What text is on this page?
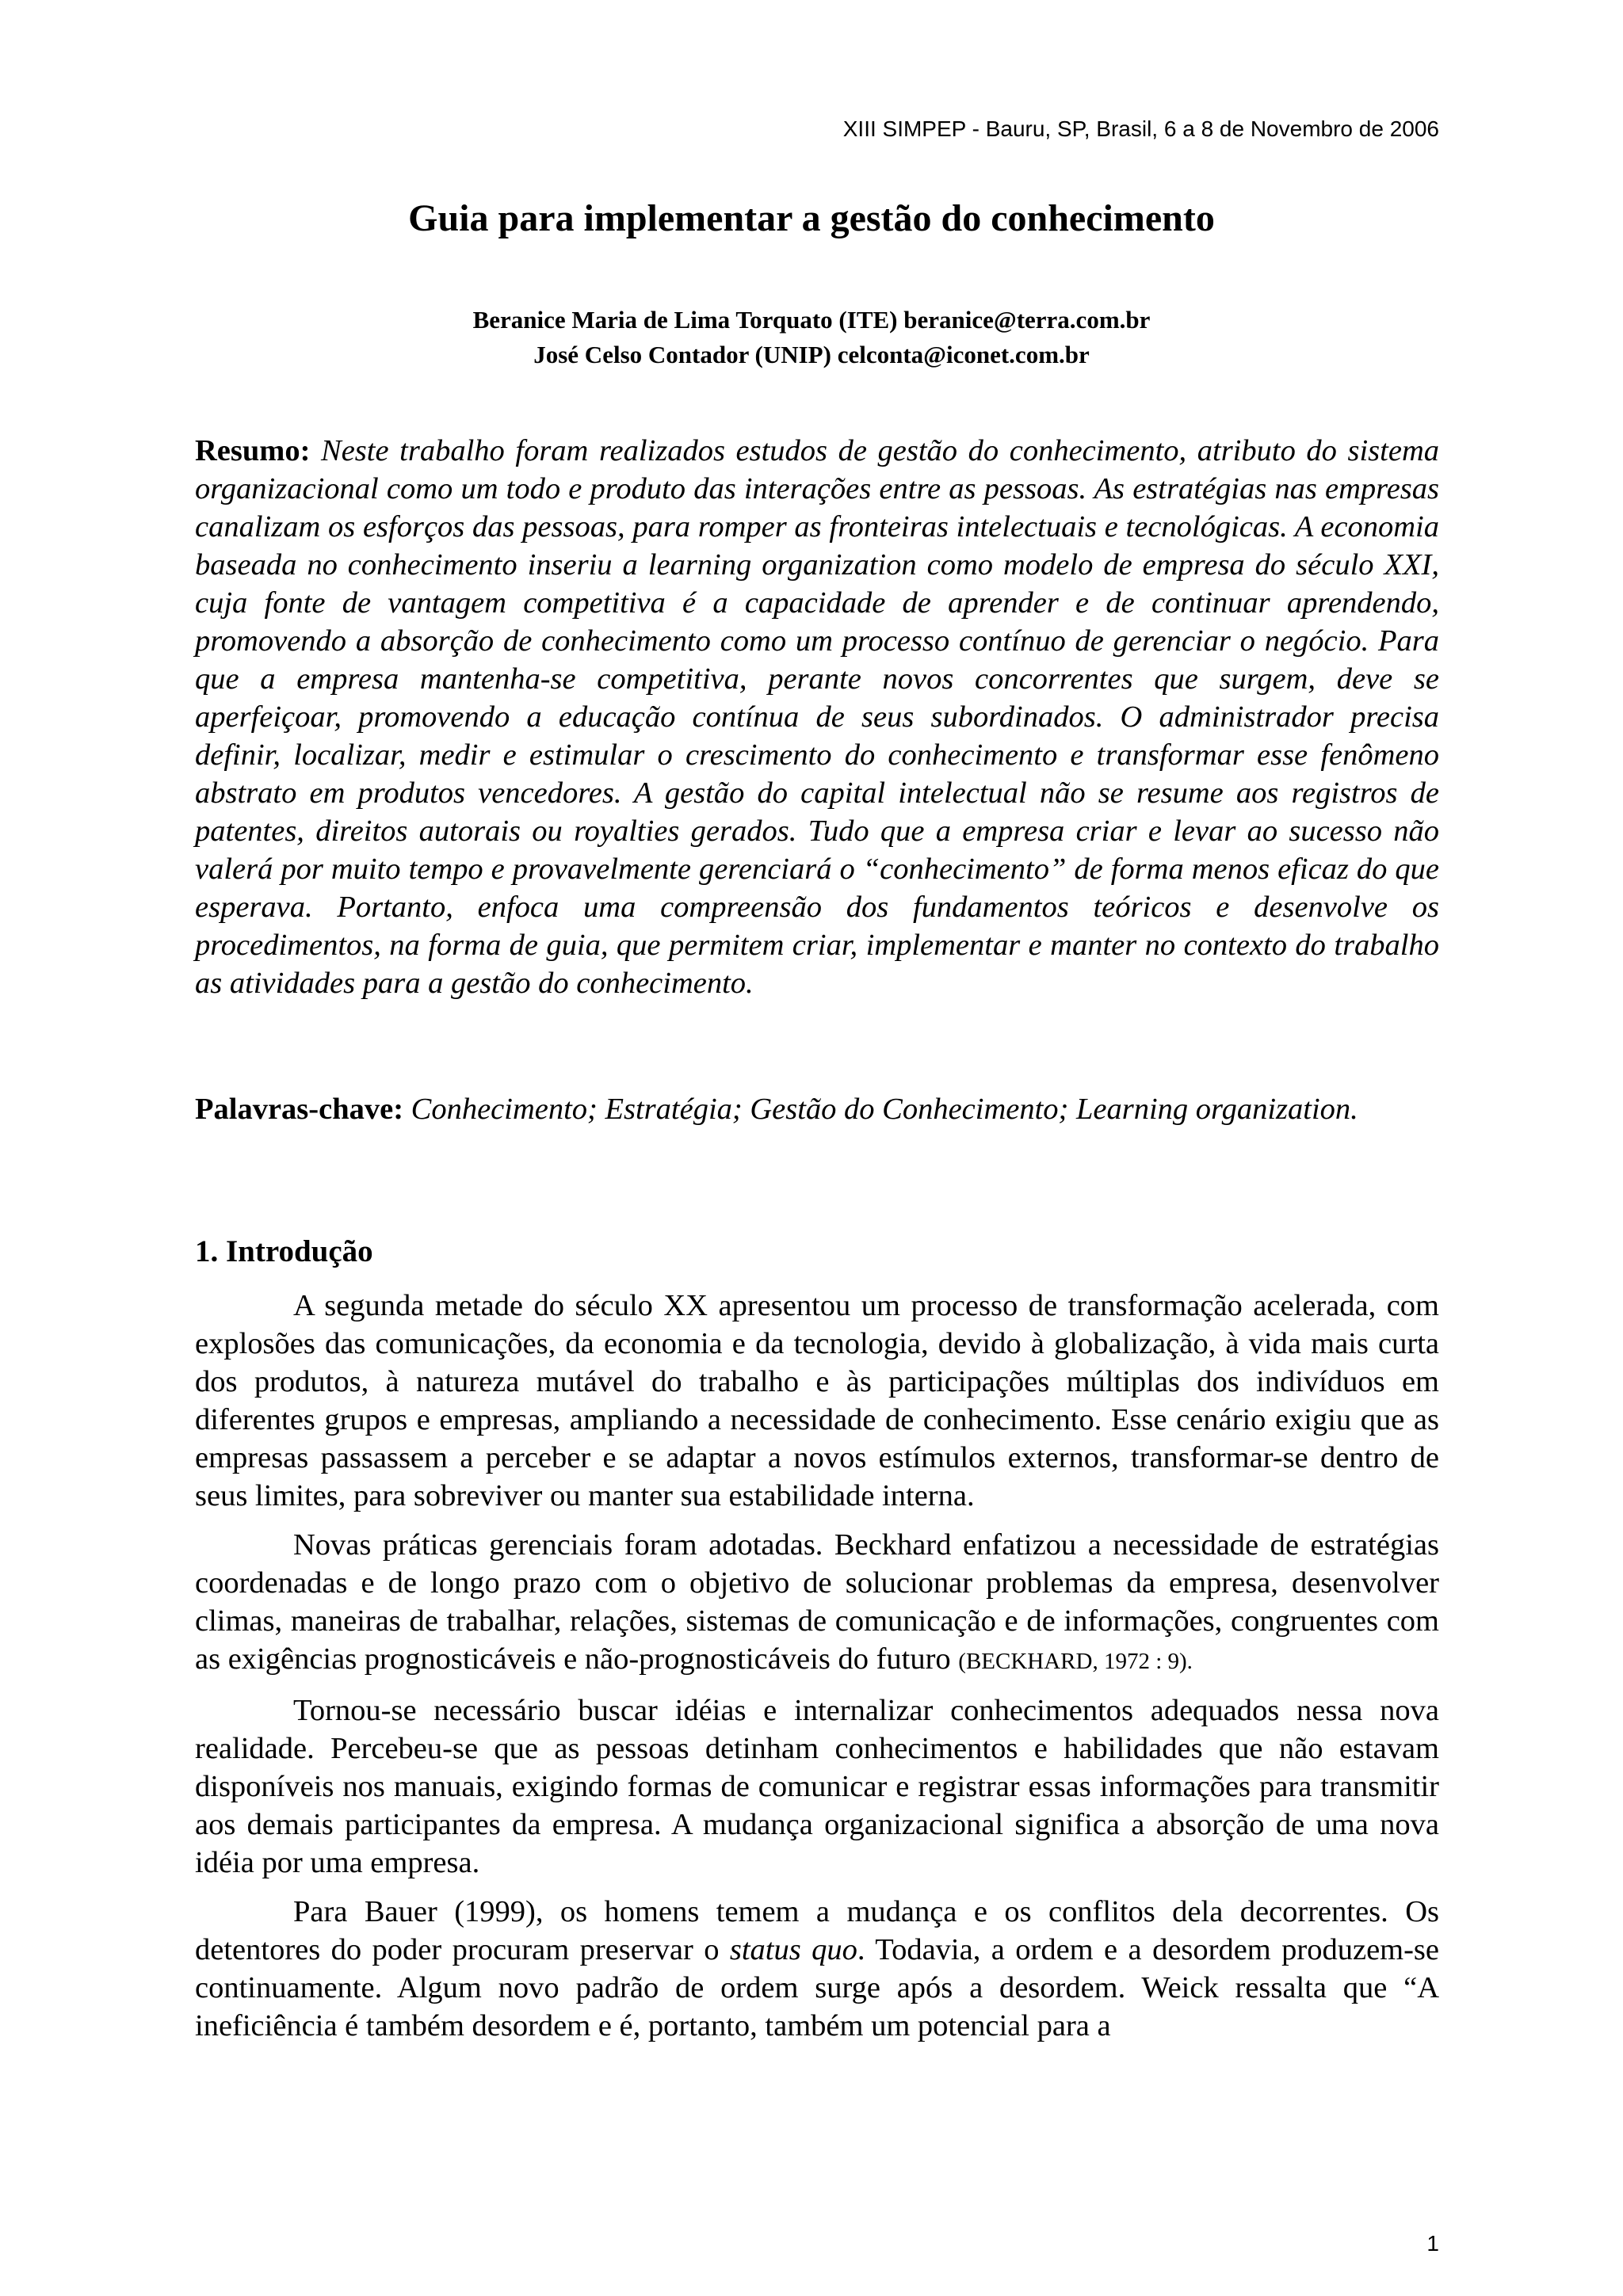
XIII SIMPEP - Bauru, SP, Brasil, 6 a 8 de Novembro de 2006
Guia para implementar a gestão do conhecimento
Beranice Maria de Lima Torquato (ITE) beranice@terra.com.br
José Celso Contador (UNIP) celconta@iconet.com.br
Resumo: Neste trabalho foram realizados estudos de gestão do conhecimento, atributo do sistema organizacional como um todo e produto das interações entre as pessoas. As estratégias nas empresas canalizam os esforços das pessoas, para romper as fronteiras intelectuais e tecnológicas. A economia baseada no conhecimento inseriu a learning organization como modelo de empresa do século XXI, cuja fonte de vantagem competitiva é a capacidade de aprender e de continuar aprendendo, promovendo a absorção de conhecimento como um processo contínuo de gerenciar o negócio. Para que a empresa mantenha-se competitiva, perante novos concorrentes que surgem, deve se aperfeiçoar, promovendo a educação contínua de seus subordinados. O administrador precisa definir, localizar, medir e estimular o crescimento do conhecimento e transformar esse fenômeno abstrato em produtos vencedores. A gestão do capital intelectual não se resume aos registros de patentes, direitos autorais ou royalties gerados. Tudo que a empresa criar e levar ao sucesso não valerá por muito tempo e provavelmente gerenciará o “conhecimento” de forma menos eficaz do que esperava. Portanto, enfoca uma compreensão dos fundamentos teóricos e desenvolve os procedimentos, na forma de guia, que permitem criar, implementar e manter no contexto do trabalho as atividades para a gestão do conhecimento.
Palavras-chave: Conhecimento; Estratégia; Gestão do Conhecimento; Learning organization.
1. Introdução

A segunda metade do século XX apresentou um processo de transformação acelerada, com explosões das comunicações, da economia e da tecnologia, devido à globalização, à vida mais curta dos produtos, à natureza mutável do trabalho e às participações múltiplas dos indivíduos em diferentes grupos e empresas, ampliando a necessidade de conhecimento. Esse cenário exigiu que as empresas passassem a perceber e se adaptar a novos estímulos externos, transformar-se dentro de seus limites, para sobreviver ou manter sua estabilidade interna.

Novas práticas gerenciais foram adotadas. Beckhard enfatizou a necessidade de estratégias coordenadas e de longo prazo com o objetivo de solucionar problemas da empresa, desenvolver climas, maneiras de trabalhar, relações, sistemas de comunicação e de informações, congruentes com as exigências prognosticáveis e não-prognosticáveis do futuro (BECKHARD, 1972 : 9).

Tornou-se necessário buscar idéias e internalizar conhecimentos adequados nessa nova realidade. Percebeu-se que as pessoas detinham conhecimentos e habilidades que não estavam disponíveis nos manuais, exigindo formas de comunicar e registrar essas informações para transmitir aos demais participantes da empresa. A mudança organizacional significa a absorção de uma nova idéia por uma empresa.

Para Bauer (1999), os homens temem a mudança e os conflitos dela decorrentes. Os detentores do poder procuram preservar o status quo. Todavia, a ordem e a desordem produzem-se continuamente. Algum novo padrão de ordem surge após a desordem. Weick ressalta que “A ineficiência é também desordem e é, portanto, também um potencial para a

1
